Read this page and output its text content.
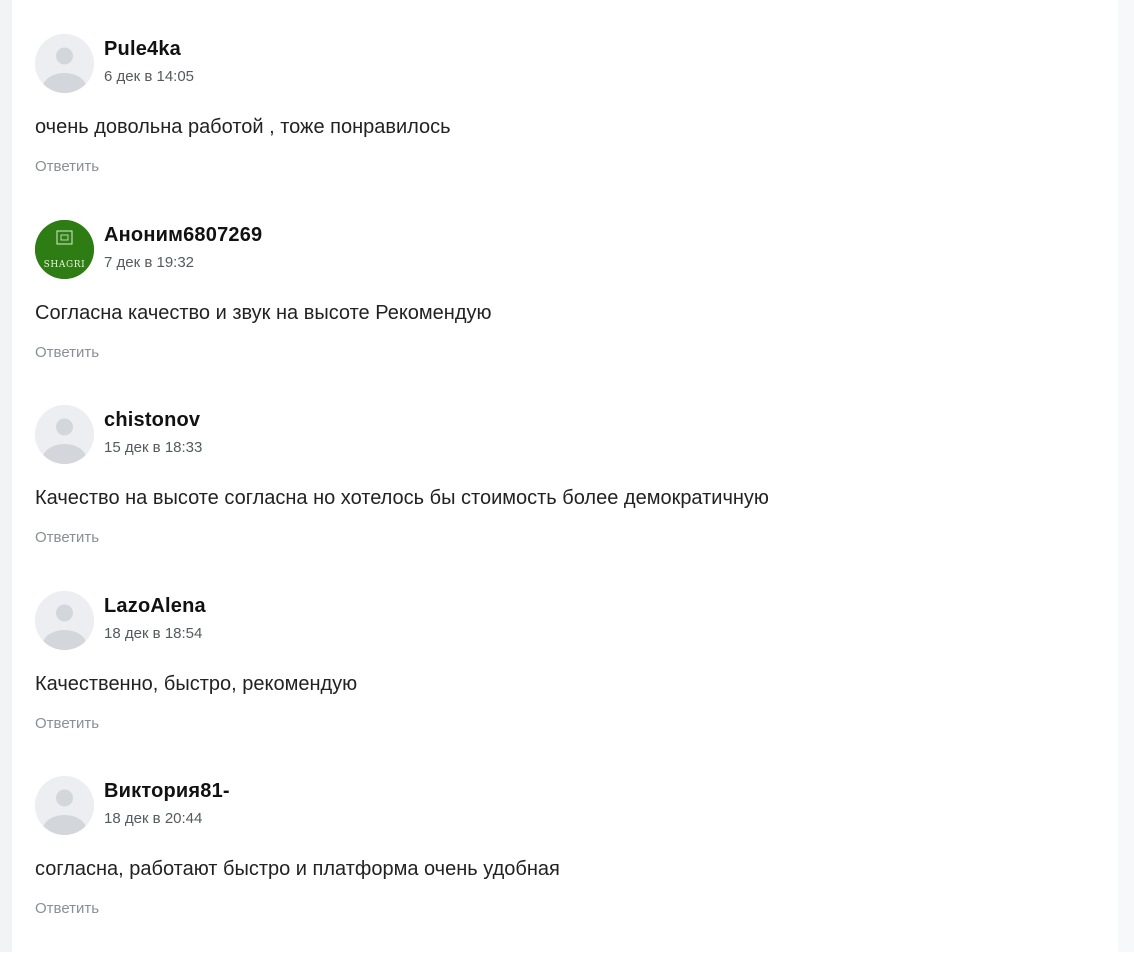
Pule4ka
6 дек в 14:05
очень довольна работой , тоже понравилось
Ответить
SHAGRI
Аноним6807269
7 дек в 19:32
Согласна качество и звук на высоте Рекомендую
Ответить
chistonov
15 дек в 18:33
Качество на высоте согласна но хотелось бы стоимость более демократичную
Ответить
LazoAlena
18 дек в 18:54
Качественно, быстро, рекомендую
Ответить
Виктория81-
18 дек в 20:44
согласна, работают быстро и платформа очень удобная
Ответить
